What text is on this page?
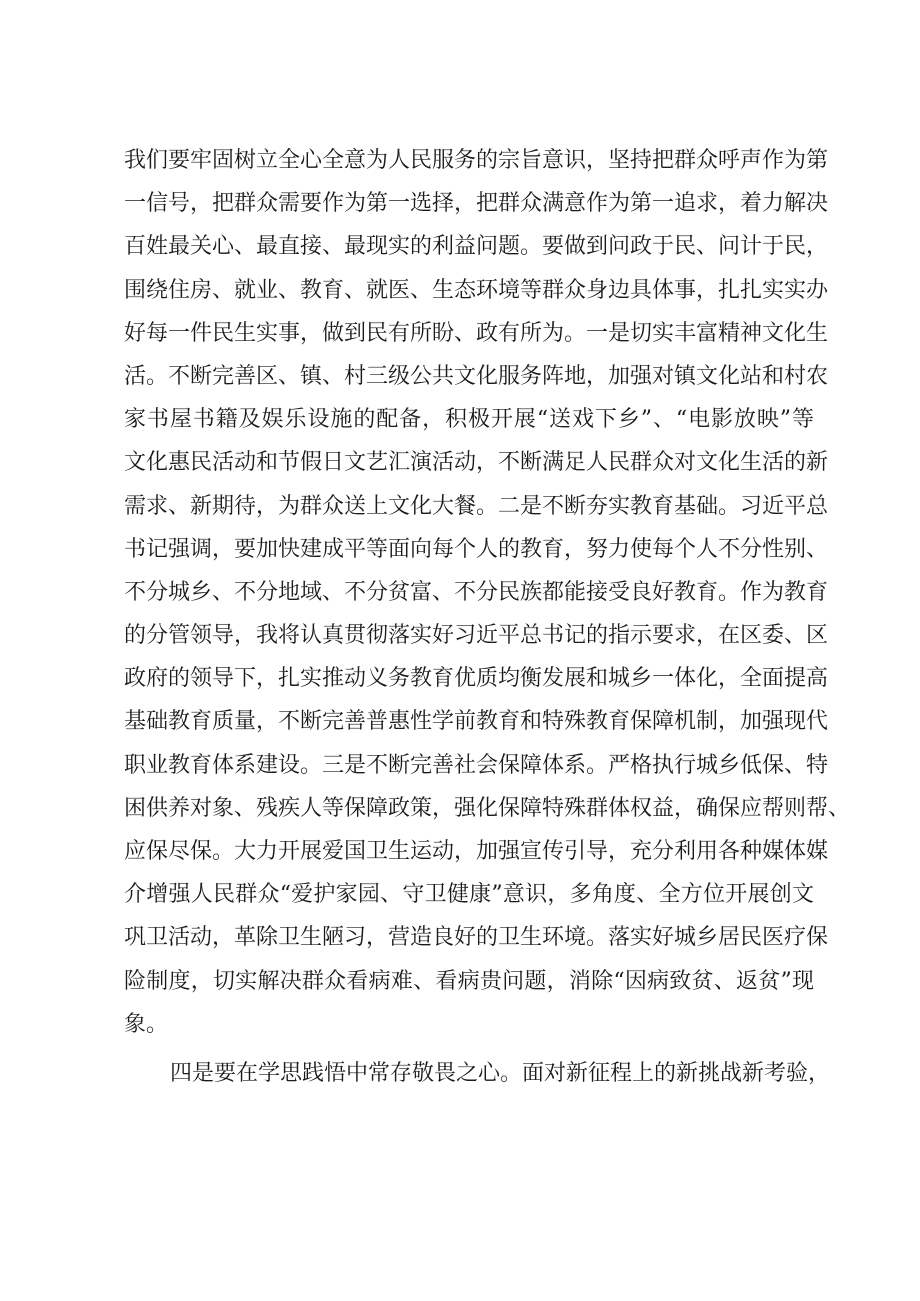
我们要牢固树立全心全意为人民服务的宗旨意识，坚持把群众呼声作为第
一信号，把群众需要作为第一选择，把群众满意作为第一追求，着力解决
百姓最关心、最直接、最现实的利益问题。要做到问政于民、问计于民，
围绕住房、就业、教育、就医、生态环境等群众身边具体事，扎扎实实办
好每一件民生实事，做到民有所盼、政有所为。一是切实丰富精神文化生
活。不断完善区、镇、村三级公共文化服务阵地，加强对镇文化站和村农
家书屋书籍及娱乐设施的配备，积极开展“送戏下乡”、“电影放映”等
文化惠民活动和节假日文艺汇演活动，不断满足人民群众对文化生活的新
需求、新期待，为群众送上文化大餐。二是不断夯实教育基础。习近平总
书记强调，要加快建成平等面向每个人的教育，努力使每个人不分性别、
不分城乡、不分地域、不分贫富、不分民族都能接受良好教育。作为教育
的分管领导，我将认真贯彻落实好习近平总书记的指示要求，在区委、区
政府的领导下，扎实推动义务教育优质均衡发展和城乡一体化，全面提高
基础教育质量，不断完善普惠性学前教育和特殊教育保障机制，加强现代
职业教育体系建设。三是不断完善社会保障体系。严格执行城乡低保、特
困供养对象、残疾人等保障政策，强化保障特殊群体权益，确保应帮则帮、
应保尽保。大力开展爱国卫生运动，加强宣传引导，充分利用各种媒体媒
介增强人民群众“爱护家园、守卫健康”意识，多角度、全方位开展创文
巩卫活动，革除卫生陋习，营造良好的卫生环境。落实好城乡居民医疗保
险制度，切实解决群众看病难、看病贵问题，消除“因病致贫、返贫”现
象。
四是要在学思践悟中常存敬畏之心。面对新征程上的新挑战新考验，
